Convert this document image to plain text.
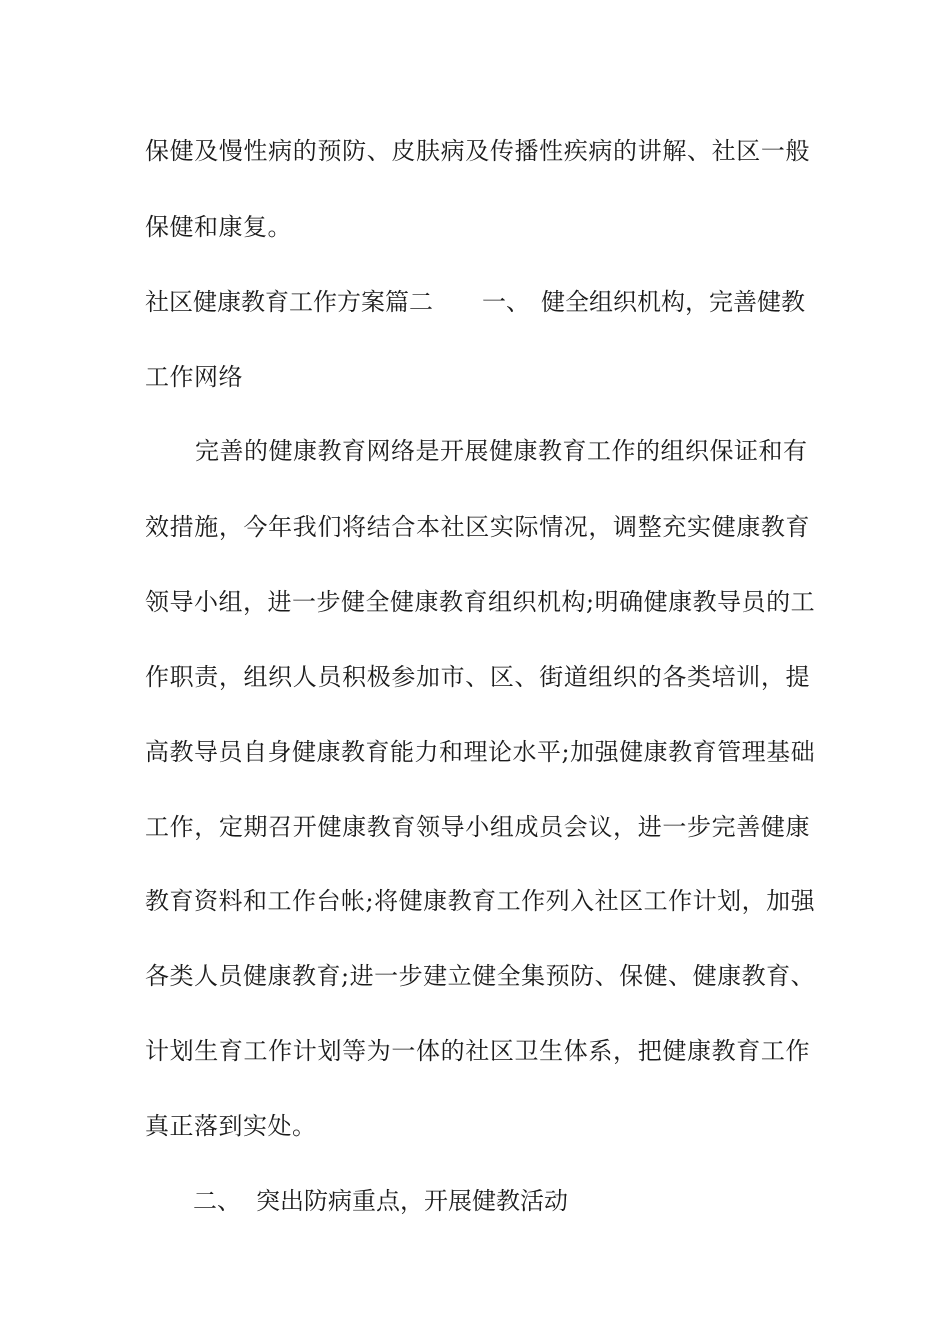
保健及慢性病的预防、皮肤病及传播性疾病的讲解、社区一般
保健和康复。
社区健康教育工作方案篇二 一、 健全组织机构，完善健教
工作网络
完善的健康教育网络是开展健康教育工作的组织保证和有
效措施，今年我们将结合本社区实际情况，调整充实健康教育
领导小组，进一步健全健康教育组织机构;明确健康教导员的工
作职责，组织人员积极参加市、区、街道组织的各类培训，提
高教导员自身健康教育能力和理论水平;加强健康教育管理基础
工作，定期召开健康教育领导小组成员会议，进一步完善健康
教育资料和工作台帐;将健康教育工作列入社区工作计划，加强
各类人员健康教育;进一步建立健全集预防、保健、健康教育、
计划生育工作计划等为一体的社区卫生体系，把健康教育工作
真正落到实处。
二、 突出防病重点，开展健教活动
